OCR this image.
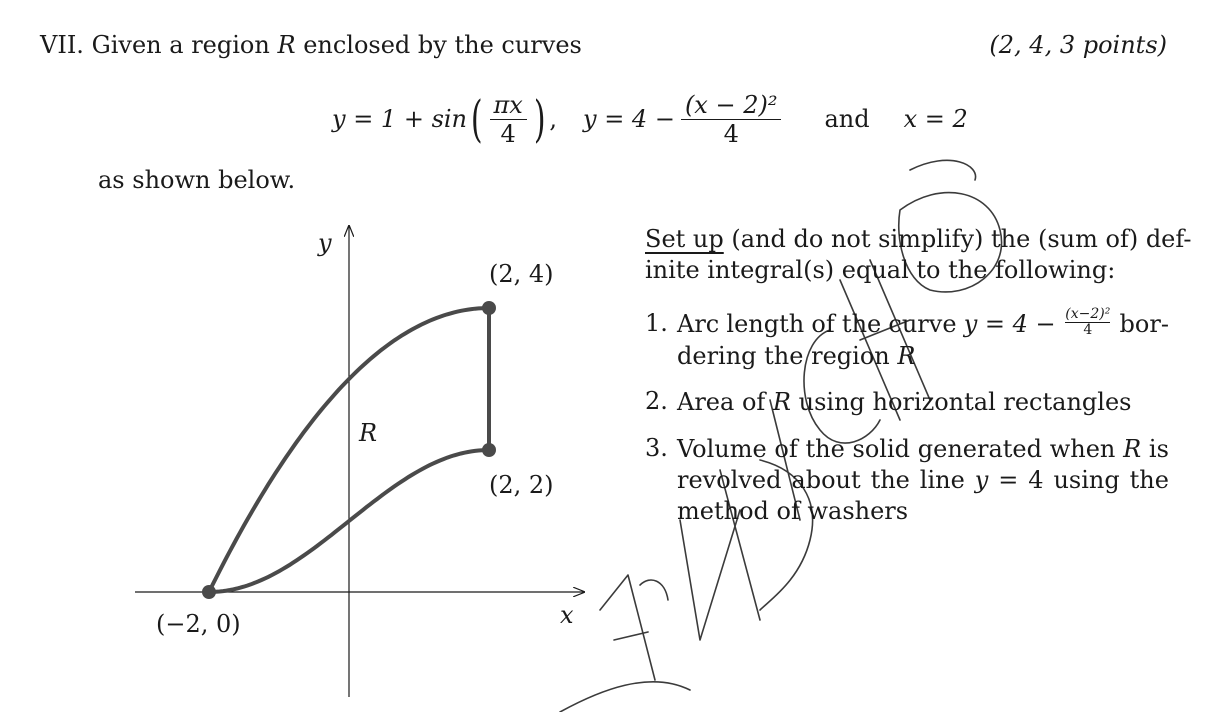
VII. Given a region R enclosed by the curves	(2, 4, 3 points)
y = 1 + sin ( $\frac{\pi x}{4}$ ) , $y = 4 - \frac{\text{(x − 2)²}}{4}$ and x = 2
as shown below.
y
x
R
(2, 4)
(2, 2)
(−2, 0)
Set up (and do not simplify) the (sum of) def-
inite integral(s) equal to the following:
1. Arc length of the curve $y = 4 - \frac{\text{(x−2)²}}{4} bor-$
dering the region R
2. Area of R using horizontal rectangles
3. Volume of the solid generated when R is
revolved about the line y = 4 using the
method of washers
